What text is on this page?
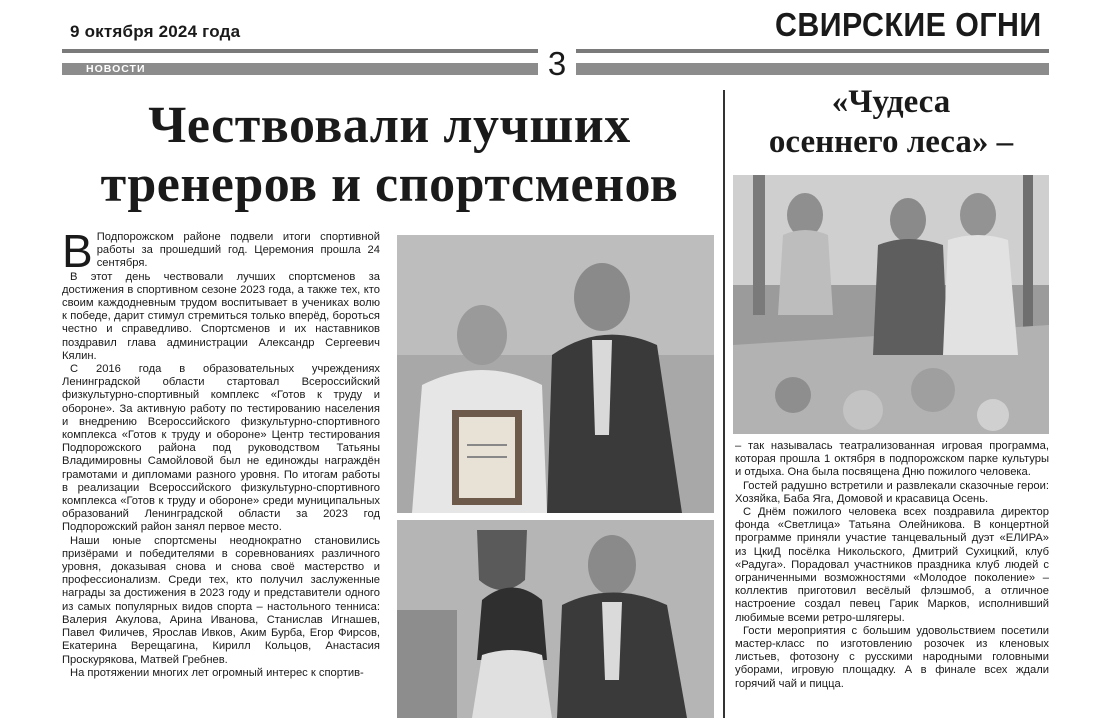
9 октября 2024 года	СВИРСКИЕ ОГНИ
НОВОСТИ	3
Чествовали лучших
тренеров и спортсменов

В Подпорожском районе подвели итоги спортивной работы за прошедший год. Церемония прошла 24 сентября.

В этот день чествовали лучших спортсменов за достижения в спортивном сезоне 2023 года, а также тех, кто своим каждодневным трудом воспитывает в учениках волю к победе, дарит стимул стремиться только вперёд, бороться честно и справедливо. Спортсменов и их наставников поздравил глава администрации Александр Сергеевич Кялин.

С 2016 года в образовательных учреждениях Ленинградской области стартовал Всероссийский физкультурно-спортивный комплекс «Готов к труду и обороне». За активную работу по тестированию населения и внедрению Всероссийского физкультурно-спортивного комплекса «Готов к труду и обороне» Центр тестирования Подпорожского района под руководством Татьяны Владимировны Самойловой был не единожды награждён грамотами и дипломами разного уровня. По итогам работы в реализации Всероссийского физкультурно-спортивного комплекса «Готов к труду и обороне» среди муниципальных образований Ленинградской области за 2023 год Подпорожский район занял первое место.

Наши юные спортсмены неоднократно становились призёрами и победителями в соревнованиях различного уровня, доказывая снова и снова своё мастерство и профессионализм. Среди тех, кто получил заслуженные награды за достижения в 2023 году и представители одного из самых популярных видов спорта – настольного тенниса: Валерия Акулова, Арина Иванова, Станислав Игнашев, Павел Филичев, Ярослав Ивков, Аким Бурба, Егор Фирсов, Екатерина Верещагина, Кирилл Кольцов, Анастасия Проскурякова, Матвей Гребнев.

На протяжении многих лет огромный интерес к спортив-

«Чудеса
осеннего леса» –

– так называлась театрализованная игровая программа, которая прошла 1 октября в подпорожском парке культуры и отдыха. Она была посвящена Дню пожилого человека.

Гостей радушно встретили и развлекали сказочные герои: Хозяйка, Баба Яга, Домовой и красавица Осень.

С Днём пожилого человека всех поздравила директор фонда «Светлица» Татьяна Олейникова. В концертной программе приняли участие танцевальный дуэт «ЕЛИРА» из ЦкиД посёлка Никольского, Дмитрий Сухицкий, клуб «Радуга». Порадовал участников праздника клуб людей с ограниченными возможностями «Молодое поколение» – коллектив приготовил весёлый флэшмоб, а отличное настроение создал певец Гарик Марков, исполнивший любимые всеми ретро-шлягеры.

Гости мероприятия с большим удовольствием посетили мастер-класс по изготовлению розочек из кленовых листьев, фотозону с русскими народными головными уборами, игровую площадку. А в финале всех ждали горячий чай и пицца.
